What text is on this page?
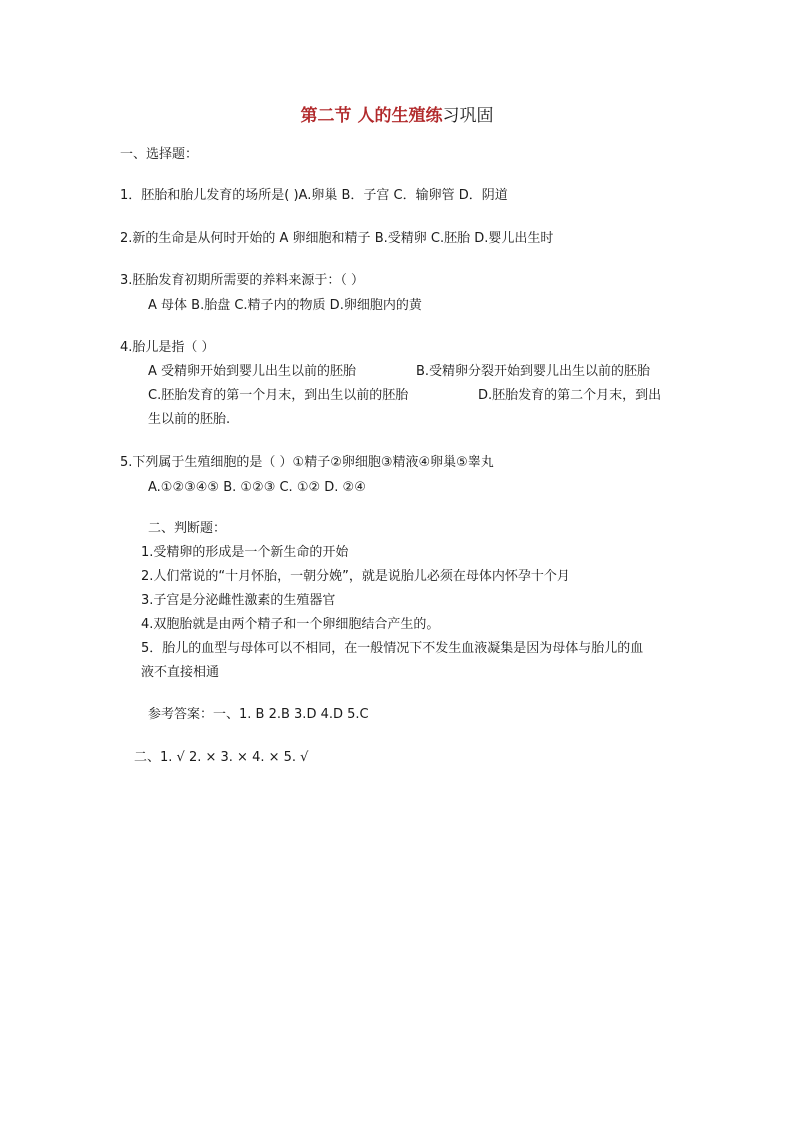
第二节 人的生殖练习巩固
一、选择题：
1．胚胎和胎儿发育的场所是( )A.卵巢 B．子宫 C．输卵管 D．阴道
2.新的生命是从何时开始的 A 卵细胞和精子 B.受精卵 C.胚胎 D.婴儿出生时
3.胚胎发育初期所需要的养料来源于：（ ）
A 母体 B.胎盘 C.精子内的物质 D.卵细胞内的黄
4.胎儿是指（ ）
A 受精卵开始到婴儿出生以前的胚胎	B.受精卵分裂开始到婴儿出生以前的胚胎
C.胚胎发育的第一个月末，到出生以前的胚胎	D.胚胎发育的第二个月末，到出
生以前的胚胎.
5.下列属于生殖细胞的是（ ）①精子②卵细胞③精液④卵巢⑤睾丸
A.①②③④⑤ B. ①②③ C. ①② D. ②④
二、判断题：
1.受精卵的形成是一个新生命的开始
2.人们常说的“十月怀胎，一朝分娩”，就是说胎儿必须在母体内怀孕十个月
3.子宫是分泌雌性激素的生殖器官
4.双胞胎就是由两个精子和一个卵细胞结合产生的。
5．胎儿的血型与母体可以不相同，在一般情况下不发生血液凝集是因为母体与胎儿的血
液不直接相通
参考答案：一、1. B 2.B 3.D 4.D 5.C
二、1. √ 2. × 3. × 4. × 5. √
